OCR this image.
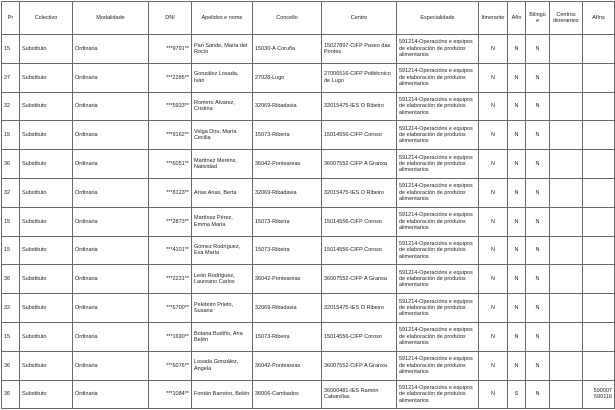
Pr	Colectivo	Modalidade	DNI	Apelidos e nome	Concello	Centro	Especialidade	Itinerante	Afín	Bilingüe	Centros itinerantes	Afíns
15	Substituto	Ordinaria	***9791**	Pan Sande, María del Rocío	15030-A Coruña	15027897-CIFP Paseo das Pontes	591214-Operacións e equipos de elaboración de produtos alimentarios	N	N	N		
27	Substituto	Ordinaria	***2285**	González Losada, Iván	27028-Lugo	27006516-CIFP Politécnico de Lugo	591214-Operacións e equipos de elaboración de produtos alimentarios	N	N	N		
32	Substituto	Ordinaria	***5933**	Romero Álvarez, Cristina	32069-Ribadavia	32015475-IES O Ribeiro	591214-Operacións e equipos de elaboración de produtos alimentarios	N	N	N		
15	Substituto	Ordinaria	***9162**	Velga Dou, María Cecilia	15073-Ribeira	15014556-CIFP Coroso	591214-Operacións e equipos de elaboración de produtos alimentarios	N	N	N		
36	Substituto	Ordinaria	***6051**	Martínez Meréns, Natividad	36042-Ponteareas	36007552-CIFP A Granxa	591214-Operacións e equipos de elaboración de produtos alimentarios	N	N	N		
32	Substituto	Ordinaria	***8123**	Arias Arias, Berta	32069-Ribadavia	32015475-IES O Ribeiro	591214-Operacións e equipos de elaboración de produtos alimentarios	N	N	N		
15	Substituto	Ordinaria	***2873**	Martínez Pérez, Emma María	15073-Ribeira	15014556-CIFP Coroso	591214-Operacións e equipos de elaboración de produtos alimentarios	N	N	N		
15	Substituto	Ordinaria	***4101**	Gómez Rodríguez, Eva María	15073-Ribeira	15014556-CIFP Coroso	591214-Operacións e equipos de elaboración de produtos alimentarios	N	N	N		
36	Substituto	Ordinaria	***2231**	León Rodríguez, Laureano Carlos	36042-Ponteareas	36007552-CIFP A Granxa	591214-Operacións e equipos de elaboración de produtos alimentarios	N	N	N		
32	Substituto	Ordinaria	***6700**	Peleteiro Prieto, Susana	32069-Ribadavia	32015475-IES O Ribeiro	591214-Operacións e equipos de elaboración de produtos alimentarios	N	N	N		
15	Substituto	Ordinaria	***1690**	Botana Budiño, Ana Belén	15073-Ribeira	15014556-CIFP Coroso	591214-Operacións e equipos de elaboración de produtos alimentarios	N	N	N		
36	Substituto	Ordinaria	***6076**	Losada González, Ángela	36042-Ponteareas	36007552-CIFP A Granxa	591214-Operacións e equipos de elaboración de produtos alimentarios	N	N	N		
36	Substituto	Ordinaria	***1084**	Fontán Barreiro, Belén	36006-Cambados	36000481-IES Ramón Cabanillas	591214-Operacións e equipos de elaboración de produtos alimentarios	N	S	N		590007 590116
